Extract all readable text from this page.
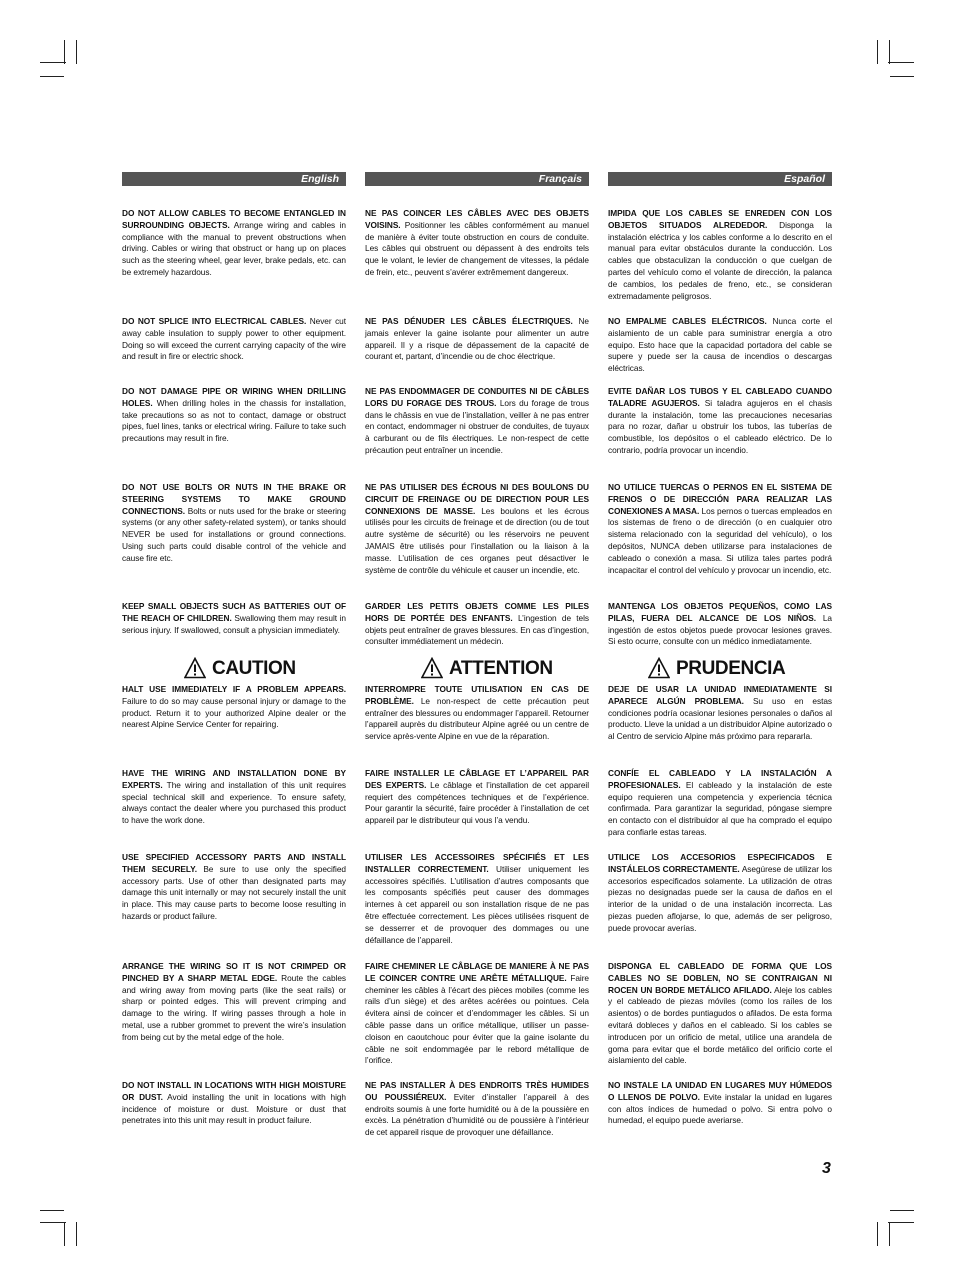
English
DO NOT ALLOW CABLES TO BECOME ENTANGLED IN SURROUNDING OBJECTS. Arrange wiring and cables in compliance with the manual to prevent obstructions when driving. Cables or wiring that obstruct or hang up on places such as the steering wheel, gear lever, brake pedals, etc. can be extremely hazardous.
DO NOT SPLICE INTO ELECTRICAL CABLES. Never cut away cable insulation to supply power to other equipment. Doing so will exceed the current carrying capacity of the wire and result in fire or electric shock.
DO NOT DAMAGE PIPE OR WIRING WHEN DRILLING HOLES. When drilling holes in the chassis for installation, take precautions so as not to contact, damage or obstruct pipes, fuel lines, tanks or electrical wiring. Failure to take such precautions may result in fire.
DO NOT USE BOLTS OR NUTS IN THE BRAKE OR STEERING SYSTEMS TO MAKE GROUND CONNECTIONS. Bolts or nuts used for the brake or steering systems (or any other safety-related system), or tanks should NEVER be used for installations or ground connections. Using such parts could disable control of the vehicle and cause fire etc.
KEEP SMALL OBJECTS SUCH AS BATTERIES OUT OF THE REACH OF CHILDREN. Swallowing them may result in serious injury. If swallowed, consult a physician immediately.
CAUTION
HALT USE IMMEDIATELY IF A PROBLEM APPEARS. Failure to do so may cause personal injury or damage to the product. Return it to your authorized Alpine dealer or the nearest Alpine Service Center for repairing.
HAVE THE WIRING AND INSTALLATION DONE BY EXPERTS. The wiring and installation of this unit requires special technical skill and experience. To ensure safety, always contact the dealer where you purchased this product to have the work done.
USE SPECIFIED ACCESSORY PARTS AND INSTALL THEM SECURELY. Be sure to use only the specified accessory parts. Use of other than designated parts may damage this unit internally or may not securely install the unit in place. This may cause parts to become loose resulting in hazards or product failure.
ARRANGE THE WIRING SO IT IS NOT CRIMPED OR PINCHED BY A SHARP METAL EDGE. Route the cables and wiring away from moving parts (like the seat rails) or sharp or pointed edges. This will prevent crimping and damage to the wiring. If wiring passes through a hole in metal, use a rubber grommet to prevent the wire’s insulation from being cut by the metal edge of the hole.
DO NOT INSTALL IN LOCATIONS WITH HIGH MOISTURE OR DUST. Avoid installing the unit in locations with high incidence of moisture or dust. Moisture or dust that penetrates into this unit may result in product failure.
Français
NE PAS COINCER LES CÂBLES AVEC DES OBJETS VOISINS. Positionner les câbles conformément au manuel de manière à éviter toute obstruction en cours de conduite. Les câbles qui obstruent ou dépassent à des endroits tels que le volant, le levier de changement de vitesses, la pédale de frein, etc., peuvent s’avérer extrêmement dangereux.
NE PAS DÉNUDER LES CÂBLES ÉLECTRIQUES. Ne jamais enlever la gaine isolante pour alimenter un autre appareil. Il y a risque de dépassement de la capacité de courant et, partant, d’incendie ou de choc électrique.
NE PAS ENDOMMAGER DE CONDUITES NI DE CÂBLES LORS DU FORAGE DES TROUS. Lors du forage de trous dans le châssis en vue de l’installation, veiller à ne pas entrer en contact, endommager ni obstruer de conduites, de tuyaux à carburant ou de fils électriques. Le non-respect de cette précaution peut entraîner un incendie.
NE PAS UTILISER DES ÉCROUS NI DES BOULONS DU CIRCUIT DE FREINAGE OU DE DIRECTION POUR LES CONNEXIONS DE MASSE. Les boulons et les écrous utilisés pour les circuits de freinage et de direction (ou de tout autre système de sécurité) ou les réservoirs ne peuvent JAMAIS être utilisés pour l’installation ou la liaison à la masse. L’utilisation de ces organes peut désactiver le système de contrôle du véhicule et causer un incendie, etc.
GARDER LES PETITS OBJETS COMME LES PILES HORS DE PORTÉE DES ENFANTS. L’ingestion de tels objets peut entraîner de graves blessures. En cas d’ingestion, consulter immédiatement un médecin.
ATTENTION
INTERROMPRE TOUTE UTILISATION EN CAS DE PROBLÈME. Le non-respect de cette précaution peut entraîner des blessures ou endommager l’appareil. Retourner l’appareil auprès du distributeur Alpine agréé ou un centre de service après-vente Alpine en vue de la réparation.
FAIRE INSTALLER LE CÂBLAGE ET L’APPAREIL PAR DES EXPERTS. Le câblage et l’installation de cet appareil requiert des compétences techniques et de l’expérience. Pour garantir la sécurité, faire procéder à l’installation de cet appareil par le distributeur qui vous l’a vendu.
UTILISER LES ACCESSOIRES SPÉCIFIÉS ET LES INSTALLER CORRECTEMENT. Utiliser uniquement les accessoires spécifiés. L’utilisation d’autres composants que les composants spécifiés peut causer des dommages internes à cet appareil ou son installation risque de ne pas être effectuée correctement. Les pièces utilisées risquent de se desserrer et de provoquer des dommages ou une défaillance de l’appareil.
FAIRE CHEMINER LE CÂBLAGE DE MANIERE À NE PAS LE COINCER CONTRE UNE ARÊTE MÉTALLIQUE. Faire cheminer les câbles à l’écart des pièces mobiles (comme les rails d’un siège) et des arêtes acérées ou pointues. Cela évitera ainsi de coincer et d’endommager les câbles. Si un câble passe dans un orifice métallique, utiliser un passe-cloison en caoutchouc pour éviter que la gaine isolante du câble ne soit endommagée par le rebord métallique de l’orifice.
NE PAS INSTALLER À DES ENDROITS TRÈS HUMIDES OU POUSSIÉREUX. Eviter d’installer l’appareil à des endroits soumis à une forte humidité ou à de la poussière en excès. La pénétration d’humidité ou de poussière à l’intérieur de cet appareil risque de provoquer une défaillance.
Español
IMPIDA QUE LOS CABLES SE ENREDEN CON LOS OBJETOS SITUADOS ALREDEDOR. Disponga la instalación eléctrica y los cables conforme a lo descrito en el manual para evitar obstáculos durante la conducción. Los cables que obstaculizan la conducción o que cuelgan de partes del vehículo como el volante de dirección, la palanca de cambios, los pedales de freno, etc., se consideran extremadamente peligrosos.
NO EMPALME CABLES ELÉCTRICOS. Nunca corte el aislamiento de un cable para suministrar energía a otro equipo. Esto hace que la capacidad portadora del cable se supere y puede ser la causa de incendios o descargas eléctricas.
EVITE DAÑAR LOS TUBOS Y EL CABLEADO CUANDO TALADRE AGUJEROS. Si taladra agujeros en el chasis durante la instalación, tome las precauciones necesarias para no rozar, dañar u obstruir los tubos, las tuberías de combustible, los depósitos o el cableado eléctrico. De lo contrario, podría provocar un incendio.
NO UTILICE TUERCAS O PERNOS EN EL SISTEMA DE FRENOS O DE DIRECCIÓN PARA REALIZAR LAS CONEXIONES A MASA. Los pernos o tuercas empleados en los sistemas de freno o de dirección (o en cualquier otro sistema relacionado con la seguridad del vehículo), o los depósitos, NUNCA deben utilizarse para instalaciones de cableado o conexión a masa. Si utiliza tales partes podrá incapacitar el control del vehículo y provocar un incendio, etc.
MANTENGA LOS OBJETOS PEQUEÑOS, COMO LAS PILAS, FUERA DEL ALCANCE DE LOS NIÑOS. La ingestión de estos objetos puede provocar lesiones graves. Si esto ocurre, consulte con un médico inmediatamente.
PRUDENCIA
DEJE DE USAR LA UNIDAD INMEDIATAMENTE SI APARECE ALGÚN PROBLEMA. Su uso en estas condiciones podría ocasionar lesiones personales o daños al producto. Lleve la unidad a un distribuidor Alpine autorizado o al Centro de servicio Alpine más próximo para repararla.
CONFÍE EL CABLEADO Y LA INSTALACIÓN A PROFESIONALES. El cableado y la instalación de este equipo requieren una competencia y experiencia técnica confirmada. Para garantizar la seguridad, póngase siempre en contacto con el distribuidor al que ha comprado el equipo para confiarle estas tareas.
UTILICE LOS ACCESORIOS ESPECIFICADOS E INSTÁLELOS CORRECTAMENTE. Asegúrese de utilizar los accesorios especificados solamente. La utilización de otras piezas no designadas puede ser la causa de daños en el interior de la unidad o de una instalación incorrecta. Las piezas pueden aflojarse, lo que, además de ser peligroso, puede provocar averías.
DISPONGA EL CABLEADO DE FORMA QUE LOS CABLES NO SE DOBLEN, NO SE CONTRAIGAN NI ROCEN UN BORDE METÁLICO AFILADO. Aleje los cables y el cableado de piezas móviles (como los raíles de los asientos) o de bordes puntiagudos o afilados. De esta forma evitará dobleces y daños en el cableado. Si los cables se introducen por un orificio de metal, utilice una arandela de goma para evitar que el borde metálico del orificio corte el aislamiento del cable.
NO INSTALE LA UNIDAD EN LUGARES MUY HÚMEDOS O LLENOS DE POLVO. Evite instalar la unidad en lugares con altos índices de humedad o polvo. Si entra polvo o humedad, el equipo puede averiarse.
3
